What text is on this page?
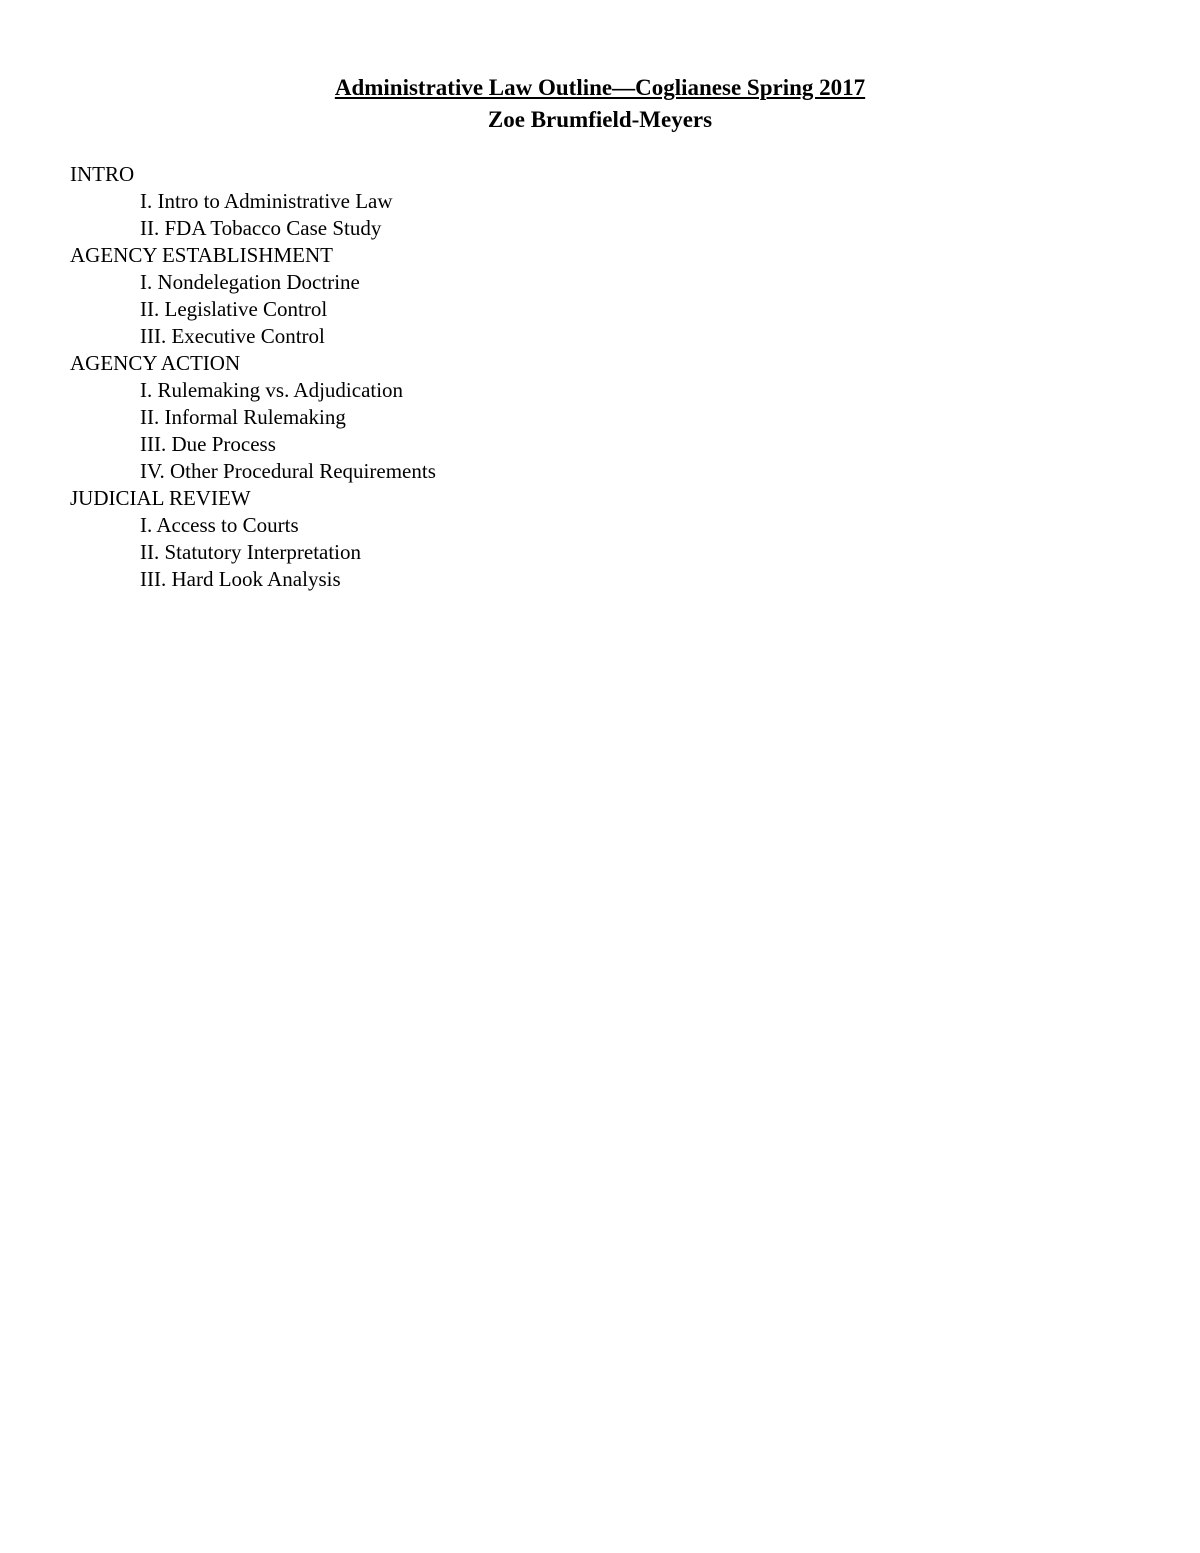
Administrative Law Outline—Coglianese Spring 2017
Zoe Brumfield-Meyers
INTRO
I. Intro to Administrative Law
II. FDA Tobacco Case Study
AGENCY ESTABLISHMENT
I. Nondelegation Doctrine
II. Legislative Control
III. Executive Control
AGENCY ACTION
I. Rulemaking vs. Adjudication
II. Informal Rulemaking
III. Due Process
IV. Other Procedural Requirements
JUDICIAL REVIEW
I. Access to Courts
II. Statutory Interpretation
III. Hard Look Analysis
